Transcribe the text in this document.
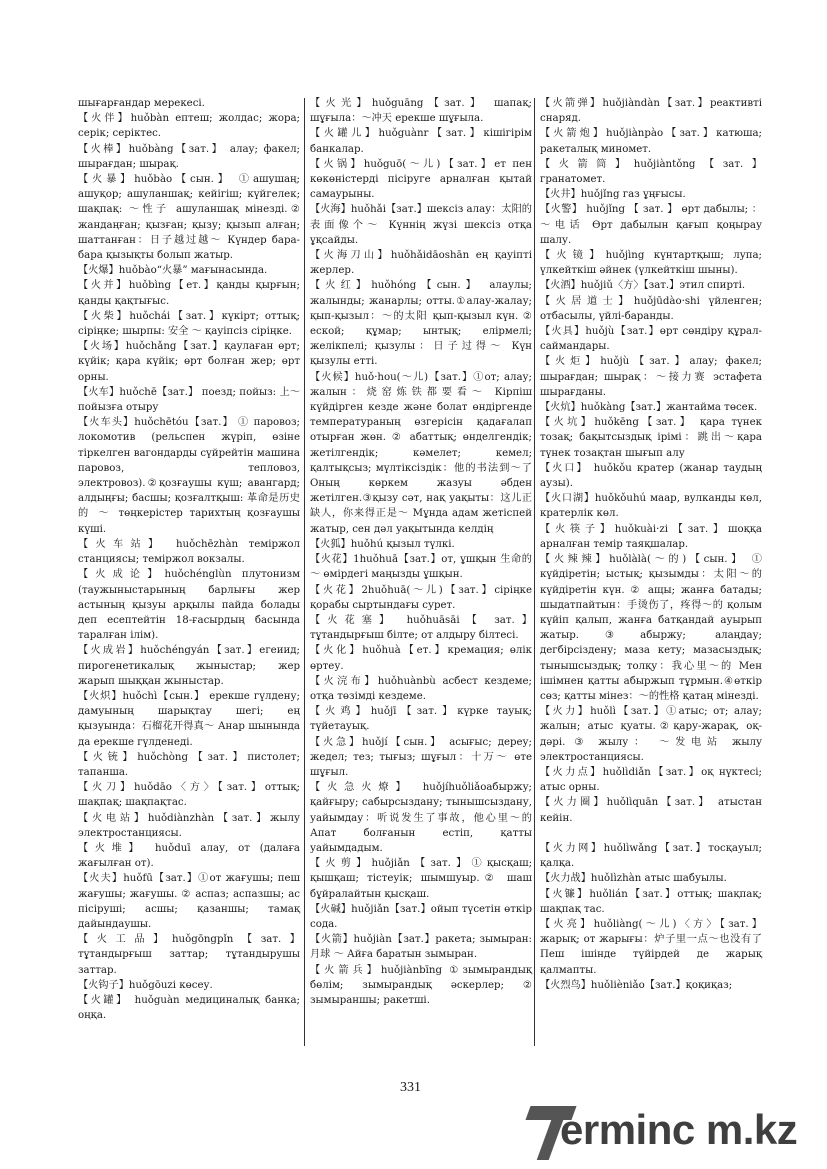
шығарғандар мерекесі.

【火伴】huǒbàn ептеш; жолдас; жора; серік; серіктес.

【火棒】huǒbàng【зат.】 алау; факел; шырағдан; шырақ.

【火暴】huǒbào【сын.】 ①ашушаң; ашуқор; ашуланшақ; кейігіш; күйгелек; шақпақ: ～性子 ашуланшақ мінезді.② жандаңған; қызған; қызу; қызып алған; шаттанған：日子越过越～ Күндер бара-бара қызықты болып жатыр.

【火爆】huǒbào“火暴” мағынасында.

【火并】huǒbìng【ет.】қанды қырғын; қанды қақтығыс.

【火柴】huǒchái【зат.】күкірт; оттық; сіріңке; шырпы: 安全 ～ қауіпсіз сіріңке.

【火场】huǒchǎng【зат.】қаулаған өрт; күйік; қара күйік; өрт болған жер; өрт орны.

【火车】huǒchē【зат.】 поезд; пойыз: 上～пойызға отыру

【火车头】huǒchētóu【зат.】 ① паровоз; локомотив (рельспен жүріп, өзіне тіркелген вагондарды сүйрейтін машина паровоз, тепловоз, электровоз).②қозғаушы күш; авангард; алдыңғы; басшы; қозғалтқыш: 革命是历史的 ～ төңкерістер тарихтың қозғаушы күші.

【火车站】 huǒchēzhàn темiржол станциясы; теміржол вокзалы.

【火成论】huǒchénglùn плутонизм (таужыныстарының барлығы жер астының қызуы арқылы пайда болады деп есептейтін 18-ғасырдың басында таралған ілім).

【火成岩】huǒchéngyán【зат.】егеиид; пирогенетикалық жыныстар; жер жарып шыққан жыныстар.

【火炽】huǒchì【сын.】 ерекше гүлдену; дамуының шарықтау шегі; ең қызуында：石榴花开得真～ Анар шынында да ерекше гүлденеді.

【火铳】huǒchòng【зат.】пистолет; тапанша.

【火刀】huǒdāo〈方〉【зат.】оттық; шақпақ; шақпақтас.

【火电站】huǒdiànzhàn【зат.】жылу электростанциясы.

【火堆】 huǒduī алау, от (далаға жағылған от).

【火夫】huǒfū【зат.】①от жағушы; пеш жағушы; жағушы. ② аспаз; аспазшы; ас пісіруші; асшы; қазаншы; тамақ дайындаушы.

【火工品】huǒgōngpǐn【зат.】 тұтандырғыш заттар; тұтандырушы заттар.

【火钩子】huǒgōuzi көсеу.

【火罐】 huǒguàn медициналық банка; оңқа.

【火光】huǒguāng【зат.】 шапақ; шұғыла：～冲天 ерекше шұғыла.

【火罐儿】huǒguànr【зат.】кішігірім банкалар.

【火锅】huǒguō(～儿)【зат.】ет пен көкөністерді пісіруге арналған қытай самаурыны.

【火海】huǒhǎi【зат.】шексіз алау：太阳的表面像个～ Күннің жүзі шексіз отқа ұқсайды.

【火海刀山】huǒhǎidāoshān ең қауіпті жерлер.

【火红】huǒhóng【сын.】 алаулы; жалынды; жанарлы; отты.①алау-жалау; қып-қызыл：～的太阳 қып-қызыл күн. ② еской; құмар; ынтық; елірмелі; желікпелі; қызулы：日子过得～ Күн қызулы етті.

【火候】huǒ·hou(～儿)【зат.】①от; алау; жалын：烧窑炼铁都要看～ Кірпіш күйдірген кезде және болат өндіргенде температураның өзгерісін қадағалап отырған жөн. ② абаттық; өнделгендік; жетілгендік; кәмелет; кемел; қалтықсыз; мүлтіксіздік：他的书法到～了 Оның көркем жазуы әбден жетілген.③қызу сәт, нақ уақыты：这儿正缺人，你来得正是～ Мұнда адам жетіспей жатыр, сен дәл уақытында келдің

【火狐】huǒhú қызыл түлкі.

【火花】1huǒhuā【зат.】от, ұшқын 生命的～ өмірдегі маңызды ұшқын.

【火花】2huǒhuā(～儿)【зат.】сіріңке қорабы сыртындағы сурет.

【火花塞】 huǒhuāsāi【 зат.】 тұтандырғыш білте; от алдыру білтесі.

【火化】huǒhuà【ет.】кремация; өлік өртеу.

【火浣布】huǒhuànbù асбест кездеме; отқа төзімді кездеме.

【火鸡】huǒjī【зат.】күрке тауық; түйетауық.

【火急】huǒjí【сын.】 асығыс; дереу; жедел; тез; тығыз; шұғыл：十万～ өте шұғыл.

【火急火燎】 huǒjíhuǒliǎoабыржу; қайғыру; сабырсыздану; тынышсыздану, уайымдау：听说发生了事故，他心里～的 Апат болғанын естіп, қатты уайымдадым.

【火剪】huǒjiǎn【зат.】①қысқаш; қышқаш; тістеуік; шымшуыр.② шаш бұйралайтын қысқаш.

【火碱】huǒjiǎn【зат.】ойып түсетін өткір сода.

【火箭】huǒjiàn【зат.】ракета; зымыран: 月球 ～ Айға баратын зымыран.

【火箭兵】huǒjiànbīng ①зымырандық бөлім; зымырандық әскерлер; ② зымыраншы; ракетші.

【火箭弹】huǒjiàndàn【зат.】реактивті снаряд.

【火箭炮】huǒjiànpào【зат.】катюша; ракеталық миномет.

【火箭筒】huǒjiàntǒng【зат.】 гранатомет.

【火井】huǒjǐng газ ұңғысы.

【火警】 huǒjǐng 【 зат. 】 өрт дабылы; ：～电话 Өрт дабылын қағып қоңырау шалу.

【火镜】huǒjìng күнтартқыш; лупа; үлкейткіш әйнек (үлкейткіш шыны).

【火酒】huǒjiǔ〈方〉【зат.】этил спирті.

【火居道士】huǒjūdào·shi үйленген; отбасылы, үйлі-баранды.

【火具】huǒjù【зат.】өрт сөндіру құрал-саймандары.

【火炬】huǒjù【зат.】алау; факел; шырағдан; шырақ：～接力赛 эстафета шырағданы.

【火炕】huǒkàng【зат.】жантайма төсек.

【火坑】huǒkēng【зат.】 қара түнек тозақ; бақытсыздық ірімі：跳出～қара түнек тозақтан шығып алу

【火口】 huǒkǒu кратер (жанар таудың аузы).

【火口湖】huǒkǒuhú маар, вулканды көл, кратерлік көл.

【火筷子】huǒkuài·zi【зат.】шоққа арналған темір таяқшалар.

【火辣辣】huǒlàlà(～的)【сын.】 ① күйдіретін; ыстық; қызымды：太阳～的 күйдіретін күн. ② ащы; жанға батады; шыдатпайтын：手烫伤了，疼得～的 қолым күйіп қалып, жанға батқандай ауырып жатыр.③абыржу; алаңдау; дегбірсіздену; маза кету; мазасыздық; тынышсыздық; толқу：我心里～的 Мен ішімнен қатты абыржып тұрмын.④өткір сөз; қатты мінез：～的性格 қатаң мінезді.

【火力】huǒlì【зат.】①атыс; от; алау; жалын; атыс қуаты.②қару-жарақ, оқ-дәрі. ③ жылу： ～发电站 жылу электростанциясы.

【火力点】huǒlìdiǎn【зат.】оқ нүктесі; атыс орны.

【火力圈】huǒlìquān【зат.】 атыстан кейін.

【火力网】huǒlìwǎng【зат.】тосқауыл; қалқа.

【火力战】huǒlìzhàn атыс шабуылы.

【火镰】huǒlián【зат.】оттық; шақпақ; шақпақ тас.

【火亮】huǒliàng(～儿)〈方〉【зат.】 жарық; от жарығы：炉子里一点～也没有了 Пеш ішінде түйірдей де жарық қалмапты.

【火烈鸟】huǒlièniǎo【зат.】қоқиқаз;

331
erminc m.kz
